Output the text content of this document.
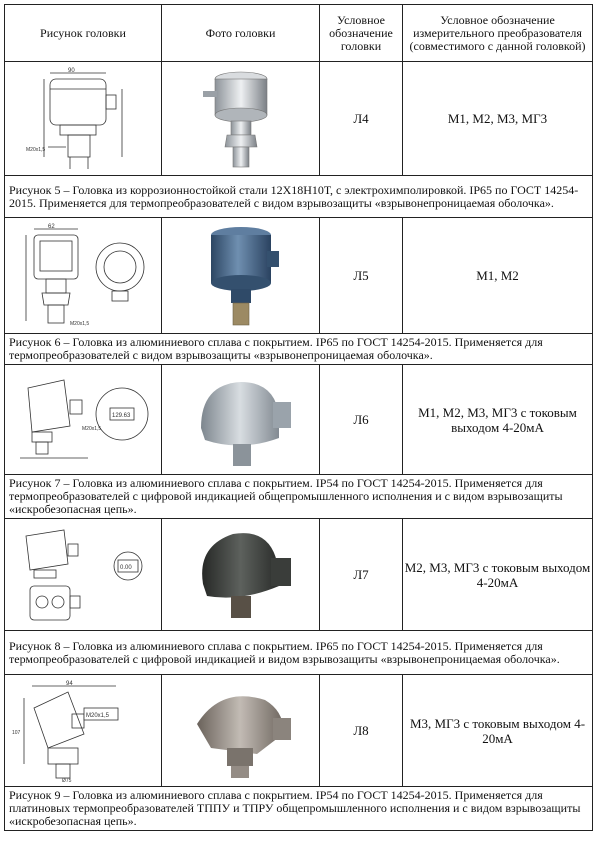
Рисунок головки	Фото головки	Условное обозначение головки	Условное обозначение измерительного преобразователя (совместимого с данной головкой)

90
М20х1,5		Л4	М1, М2, М3, МГ3
Рисунок 5 – Головка из коррозионностойкой стали 12Х18Н10Т, с электрохимполировкой. IP65 по ГОСТ 14254-2015. Применяется для термопреобразователей с видом взрывозащиты «взрывонепроницаемая оболочка».			

62
М20х1,5		Л5	М1, М2
Рисунок 6 – Головка из алюминиевого сплава с покрытием. IP65 по ГОСТ 14254-2015. Применяется для термопреобразователей с видом взрывозащиты «взрывонепроницаемая оболочка».			

129.63
М20х1,5		Л6	М1, М2, М3, МГ3 с токовым выходом 4-20мА
Рисунок 7 – Головка из алюминиевого сплава с покрытием. IP54 по ГОСТ 14254-2015. Применяется для термопреобразователей с цифровой индикацией общепромышленного исполнения и с видом взрывозащиты «искробезопасная цепь».			

0.00		Л7	М2, М3, МГ3 с токовым выходом 4-20мА
Рисунок 8 – Головка из алюминиевого сплава с покрытием. IP65 по ГОСТ 14254-2015. Применяется для термопреобразователей с цифровой индикацией и видом взрывозащиты «взрывонепроницаемая оболочка».			

94
М20х1,5
Ø75
107		Л8	М3, МГ3 с токовым выходом 4-20мА
Рисунок 9 – Головка из алюминиевого сплава с покрытием. IP54 по ГОСТ 14254-2015. Применяется для платиновых термопреобразователей ТППУ и ТПРУ общепромышленного исполнения и с видом взрывозащиты «искробезопасная цепь».			
